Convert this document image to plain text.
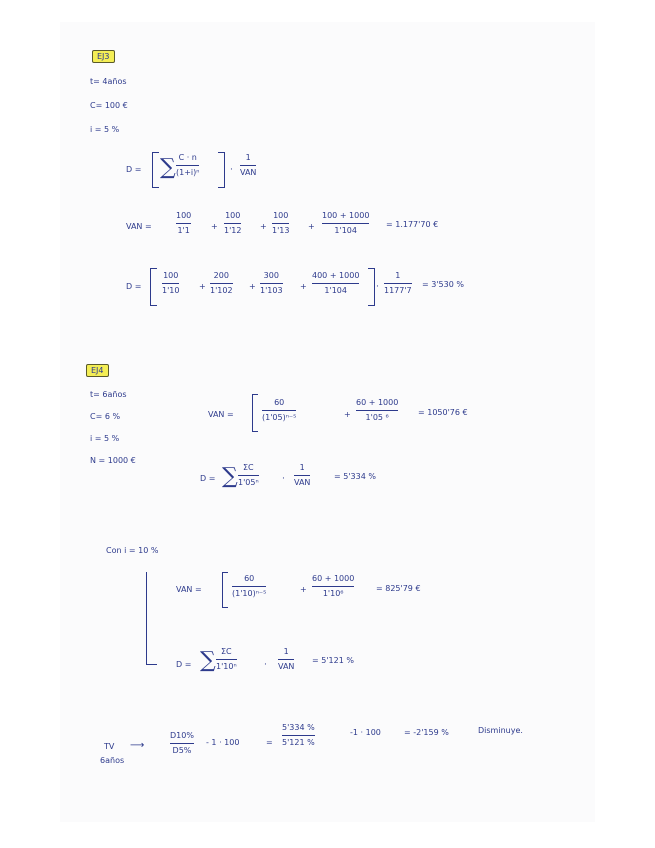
EJ3
t= 4años
C= 100 €
i = 5 %
D = ∑ C · n
(1+i)ⁿ	·
1
VAN
VAN =
100
1'1	+
100
1'12 +
100
1'13 +
100 + 1000
1'104
= 1.177'70 €
D =
100
1'10 +
200
1'102 +
300
1'103 +
400 + 1000
1'104	·
1
1177'7
= 3'530 %
EJ4
t= 6años
C= 6 %
i = 5 %
N = 1000 €
VAN =
60
(1'05)ⁿ⁻⁵	+
60 + 1000
1'05 ⁶
= 1050'76 €
D = ∑ ΣC
1'05ⁿ	·
1
VAN
= 5'334 %
Con i = 10 %
VAN =
60
(1'10)ⁿ⁻⁵	+
60 + 1000
1'10⁶
= 825'79 €
D = ∑ ΣC
1'10ⁿ	·
1
VAN
= 5'121 %
TV
6años
⟶
D10%
D5%
- 1 · 100	=
5'334 %
5'121 %
-1 · 100	= -2'159 %	Disminuye.
